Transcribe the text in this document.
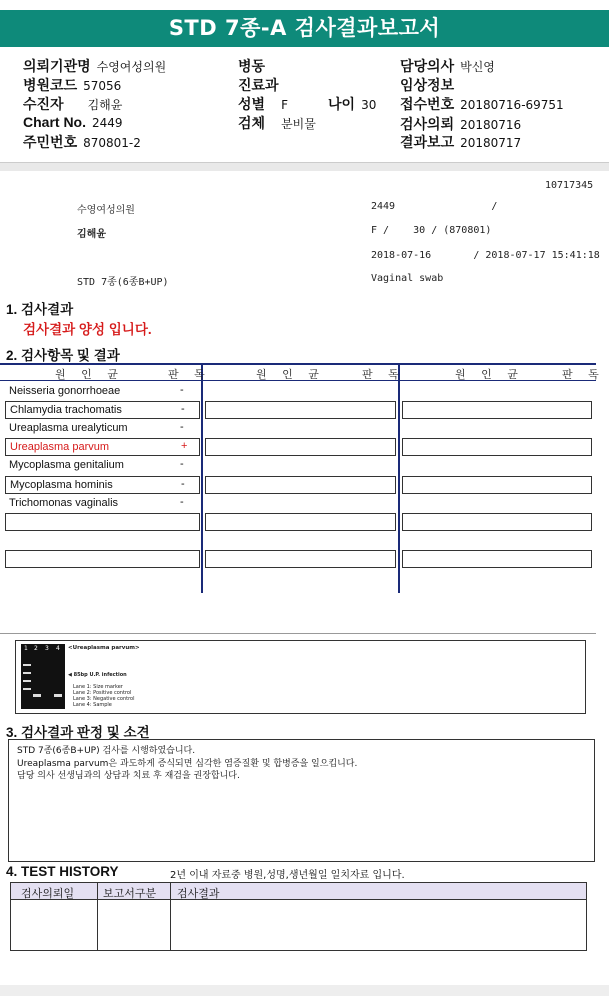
STD 7종-A 검사결과보고서
의뢰기관명 수영여성의원	병동	담당의사 박신영
병원코드 57056	진료과	임상정보
수진자 김해윤	성별 F	나이 30 접수번호 20180716-69751
Chart No. 2449	검체 분비물	검사의뢰 20180716
주민번호 870801-2	결과보고 20180717
10717345
수영여성의원	2449                /
김해윤	F /    30 / (870801)
2018-07-16       / 2018-07-17 15:41:18
STD 7종(6종B+UP)	Vaginal swab
1. 검사결과
검사결과 양성 입니다.
2. 검사항목 및 결과
원 인 균	판 독	원 인 균	판 독	원 인 균	판 독
Neisseria gonorrhoeae	-
Chlamydia trachomatis	-
Ureaplasma urealyticum	-
Ureaplasma parvum	+
Mycoplasma genitalium	-
Mycoplasma hominis	-
Trichomonas vaginalis	-
1 2 3 4 <Ureaplasma parvum>
◀ 85bp U.P. infection
Lane 1: Size marker
Lane 2: Positive control
Lane 3: Negative control
Lane 4: Sample
3. 검사결과 판정 및 소견
STD 7종(6종B+UP) 검사를 시행하였습니다.
Ureaplasma parvum은 과도하게 증식되면 심각한 염증질환 및 합병증을 일으킵니다.
담당 의사 선생님과의 상담과 치료 후 재검을 권장합니다.
4. TEST HISTORY	2년 이내 자료중 병원,성명,생년월일 일치자료 입니다.
검사의뢰일	보고서구분 검사결과
